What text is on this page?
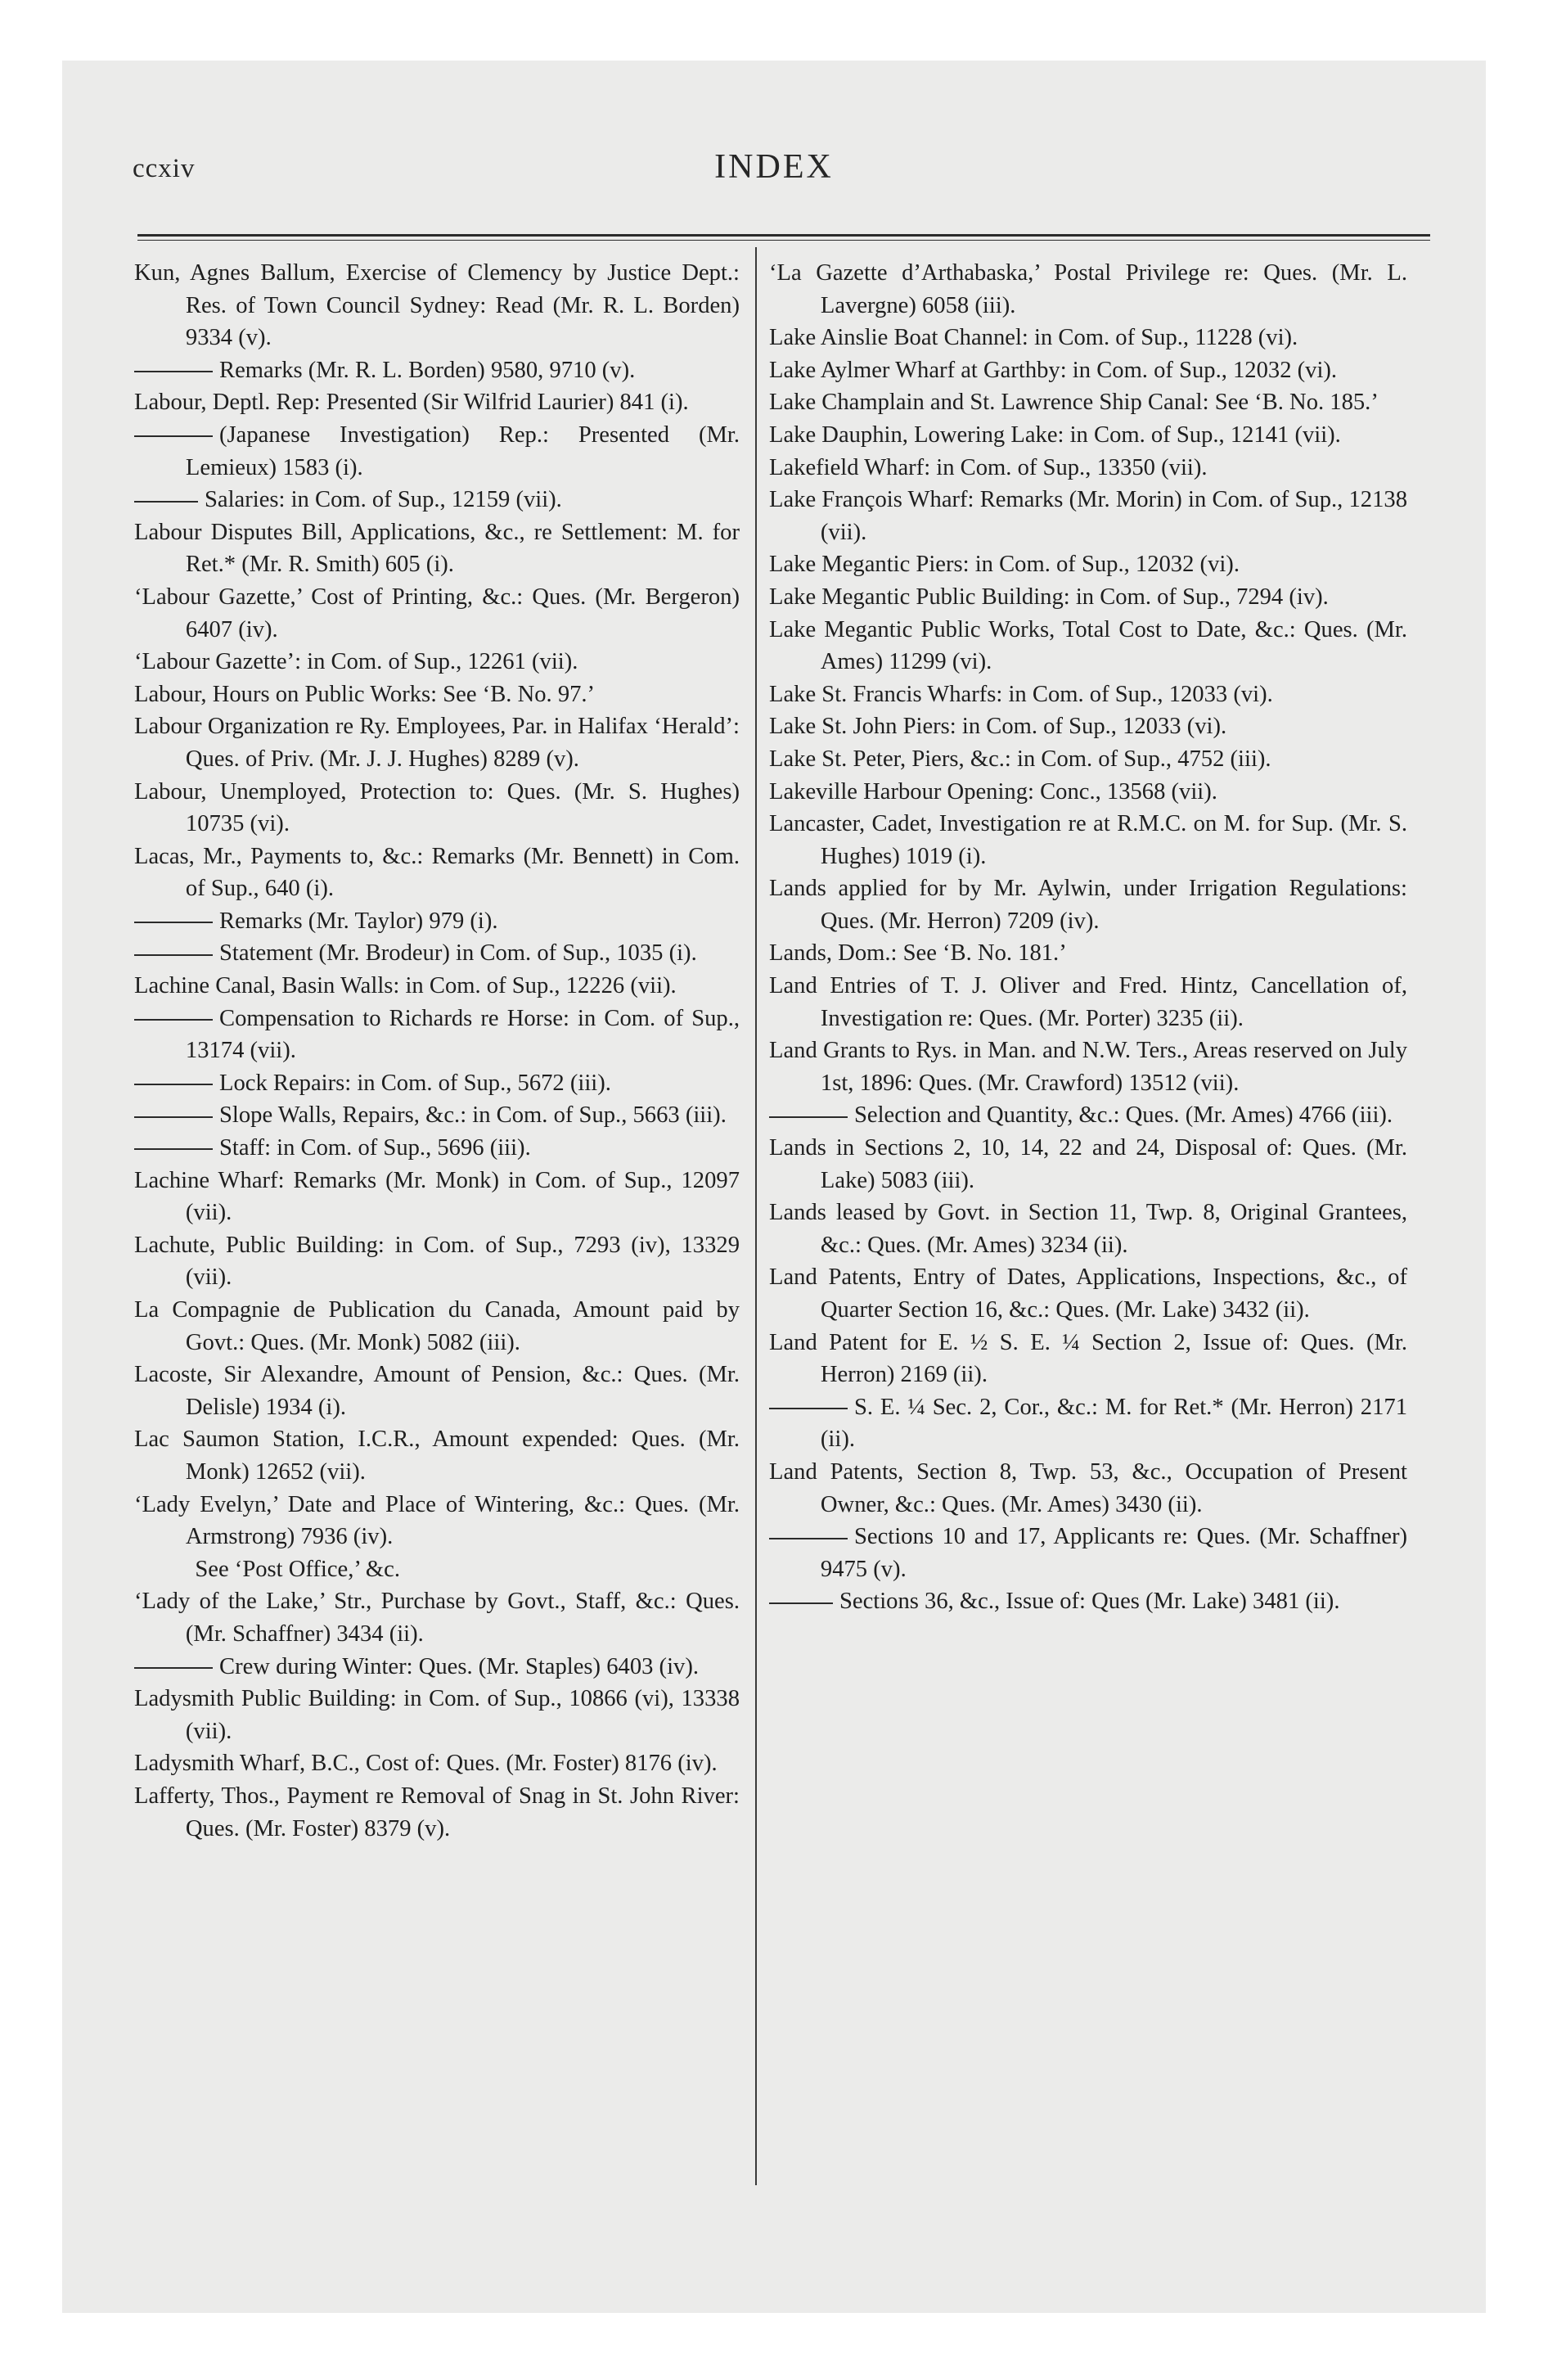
ccxiv	INDEX
Kun, Agnes Ballum, Exercise of Clemency by Justice Dept.: Res. of Town Council Sydney: Read (Mr. R. L. Borden) 9334 (v).
Remarks (Mr. R. L. Borden) 9580, 9710 (v).
Labour, Deptl. Rep: Presented (Sir Wilfrid Laurier) 841 (i).
(Japanese Investigation) Rep.: Presented (Mr. Lemieux) 1583 (i).
Salaries: in Com. of Sup., 12159 (vii).
Labour Disputes Bill, Applications, &c., re Settlement: M. for Ret.* (Mr. R. Smith) 605 (i).
‘Labour Gazette,’ Cost of Printing, &c.: Ques. (Mr. Bergeron) 6407 (iv).
‘Labour Gazette’: in Com. of Sup., 12261 (vii).
Labour, Hours on Public Works: See ‘B. No. 97.’
Labour Organization re Ry. Employees, Par. in Halifax ‘Herald’: Ques. of Priv. (Mr. J. J. Hughes) 8289 (v).
Labour, Unemployed, Protection to: Ques. (Mr. S. Hughes) 10735 (vi).
Lacas, Mr., Payments to, &c.: Remarks (Mr. Bennett) in Com. of Sup., 640 (i).
Remarks (Mr. Taylor) 979 (i).
Statement (Mr. Brodeur) in Com. of Sup., 1035 (i).
Lachine Canal, Basin Walls: in Com. of Sup., 12226 (vii).
Compensation to Richards re Horse: in Com. of Sup., 13174 (vii).
Lock Repairs: in Com. of Sup., 5672 (iii).
Slope Walls, Repairs, &c.: in Com. of Sup., 5663 (iii).
Staff: in Com. of Sup., 5696 (iii).
Lachine Wharf: Remarks (Mr. Monk) in Com. of Sup., 12097 (vii).
Lachute, Public Building: in Com. of Sup., 7293 (iv), 13329 (vii).
La Compagnie de Publication du Canada, Amount paid by Govt.: Ques. (Mr. Monk) 5082 (iii).
Lacoste, Sir Alexandre, Amount of Pension, &c.: Ques. (Mr. Delisle) 1934 (i).
Lac Saumon Station, I.C.R., Amount expended: Ques. (Mr. Monk) 12652 (vii).
‘Lady Evelyn,’ Date and Place of Wintering, &c.: Ques. (Mr. Armstrong) 7936 (iv).
See ‘Post Office,’ &c.
‘Lady of the Lake,’ Str., Purchase by Govt., Staff, &c.: Ques. (Mr. Schaffner) 3434 (ii).
Crew during Winter: Ques. (Mr. Staples) 6403 (iv).
Ladysmith Public Building: in Com. of Sup., 10866 (vi), 13338 (vii).
Ladysmith Wharf, B.C., Cost of: Ques. (Mr. Foster) 8176 (iv).
Lafferty, Thos., Payment re Removal of Snag in St. John River: Ques. (Mr. Foster) 8379 (v).
‘La Gazette d’Arthabaska,’ Postal Privilege re: Ques. (Mr. L. Lavergne) 6058 (iii).
Lake Ainslie Boat Channel: in Com. of Sup., 11228 (vi).
Lake Aylmer Wharf at Garthby: in Com. of Sup., 12032 (vi).
Lake Champlain and St. Lawrence Ship Canal: See ‘B. No. 185.’
Lake Dauphin, Lowering Lake: in Com. of Sup., 12141 (vii).
Lakefield Wharf: in Com. of Sup., 13350 (vii).
Lake François Wharf: Remarks (Mr. Morin) in Com. of Sup., 12138 (vii).
Lake Megantic Piers: in Com. of Sup., 12032 (vi).
Lake Megantic Public Building: in Com. of Sup., 7294 (iv).
Lake Megantic Public Works, Total Cost to Date, &c.: Ques. (Mr. Ames) 11299 (vi).
Lake St. Francis Wharfs: in Com. of Sup., 12033 (vi).
Lake St. John Piers: in Com. of Sup., 12033 (vi).
Lake St. Peter, Piers, &c.: in Com. of Sup., 4752 (iii).
Lakeville Harbour Opening: Conc., 13568 (vii).
Lancaster, Cadet, Investigation re at R.M.C. on M. for Sup. (Mr. S. Hughes) 1019 (i).
Lands applied for by Mr. Aylwin, under Irrigation Regulations: Ques. (Mr. Herron) 7209 (iv).
Lands, Dom.: See ‘B. No. 181.’
Land Entries of T. J. Oliver and Fred. Hintz, Cancellation of, Investigation re: Ques. (Mr. Porter) 3235 (ii).
Land Grants to Rys. in Man. and N.W. Ters., Areas reserved on July 1st, 1896: Ques. (Mr. Crawford) 13512 (vii).
Selection and Quantity, &c.: Ques. (Mr. Ames) 4766 (iii).
Lands in Sections 2, 10, 14, 22 and 24, Disposal of: Ques. (Mr. Lake) 5083 (iii).
Lands leased by Govt. in Section 11, Twp. 8, Original Grantees, &c.: Ques. (Mr. Ames) 3234 (ii).
Land Patents, Entry of Dates, Applications, Inspections, &c., of Quarter Section 16, &c.: Ques. (Mr. Lake) 3432 (ii).
Land Patent for E. ½ S. E. ¼ Section 2, Issue of: Ques. (Mr. Herron) 2169 (ii).
S. E. ¼ Sec. 2, Cor., &c.: M. for Ret.* (Mr. Herron) 2171 (ii).
Land Patents, Section 8, Twp. 53, &c., Occupation of Present Owner, &c.: Ques. (Mr. Ames) 3430 (ii).
Sections 10 and 17, Applicants re: Ques. (Mr. Schaffner) 9475 (v).
Sections 36, &c., Issue of: Ques (Mr. Lake) 3481 (ii).
